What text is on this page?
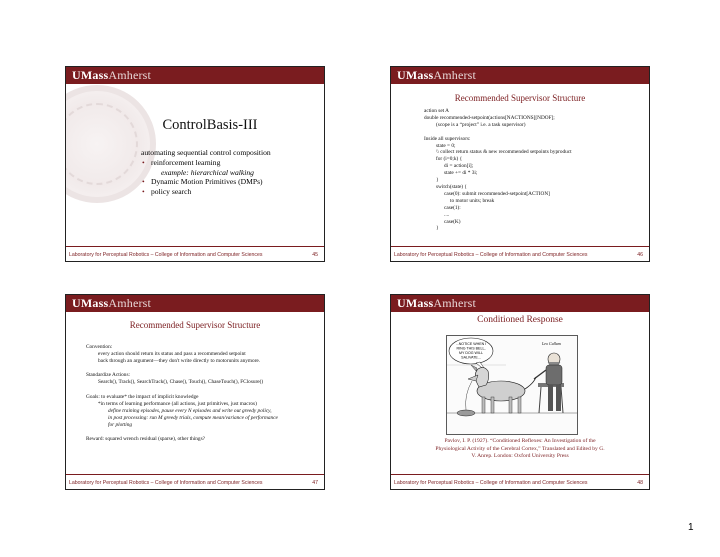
UMassAmherst
ControlBasis-III
automating sequential control composition
• reinforcement learning
example: hierarchical walking
• Dynamic Motion Primitives (DMPs)
• policy search
Laboratory for Perceptual Robotics – College of Information and Computer Sciences	45
UMassAmherst
Recommended Supervisor Structure
action set A
double recommended-setpoint(actions[NACTIONS][NDOF];
(scope is a “project” i.e. a task supervisor)

Inside all supervisors:
state = 0;
\\ collect return status & new recommended setpoints byproduct
for (i=0;k) {
di = action[i];
state += di * 3i;
}
switch(state) {
case(0): submit recommended-setpoint[ACTION]
to motor units; break
case(1):
....
case(K)
}
Laboratory for Perceptual Robotics – College of Information and Computer Sciences	46
UMassAmherst
Recommended Supervisor Structure
Convention:
every action should return its status and pass a recommended setpoint
back through an argument—they don't write directly to motorunits anymore.

Standardize Actions:
Search(), Track(), SearchTrack(), Chase(), Touch(), ChaseTouch(), FClosure()

Goals: to evaluate* the impact of implicit knowledge
*in terms of learning performance (all actions, just primitives, just macros)
define training episodes, pause every N episodes and write out greedy policy,
in post processing: run M greedy trials, compute mean/variance of performance
for plotting

Reward: squared wrench residual (sparse), other things?
Laboratory for Perceptual Robotics – College of Information and Computer Sciences	47
UMassAmherst
Conditioned Response
...NOTICE WHEN I
RING THIS BELL,
MY DOG WILL
SALIVATE...
Leo Cullum
Pavlov, I. P. (1927). “Conditioned Reflexes: An Investigation of the
Physiological Activity of the Cerebral Cortex,” Translated and Edited by G.
V. Anrep. London: Oxford University Press
Laboratory for Perceptual Robotics – College of Information and Computer Sciences	48
1
